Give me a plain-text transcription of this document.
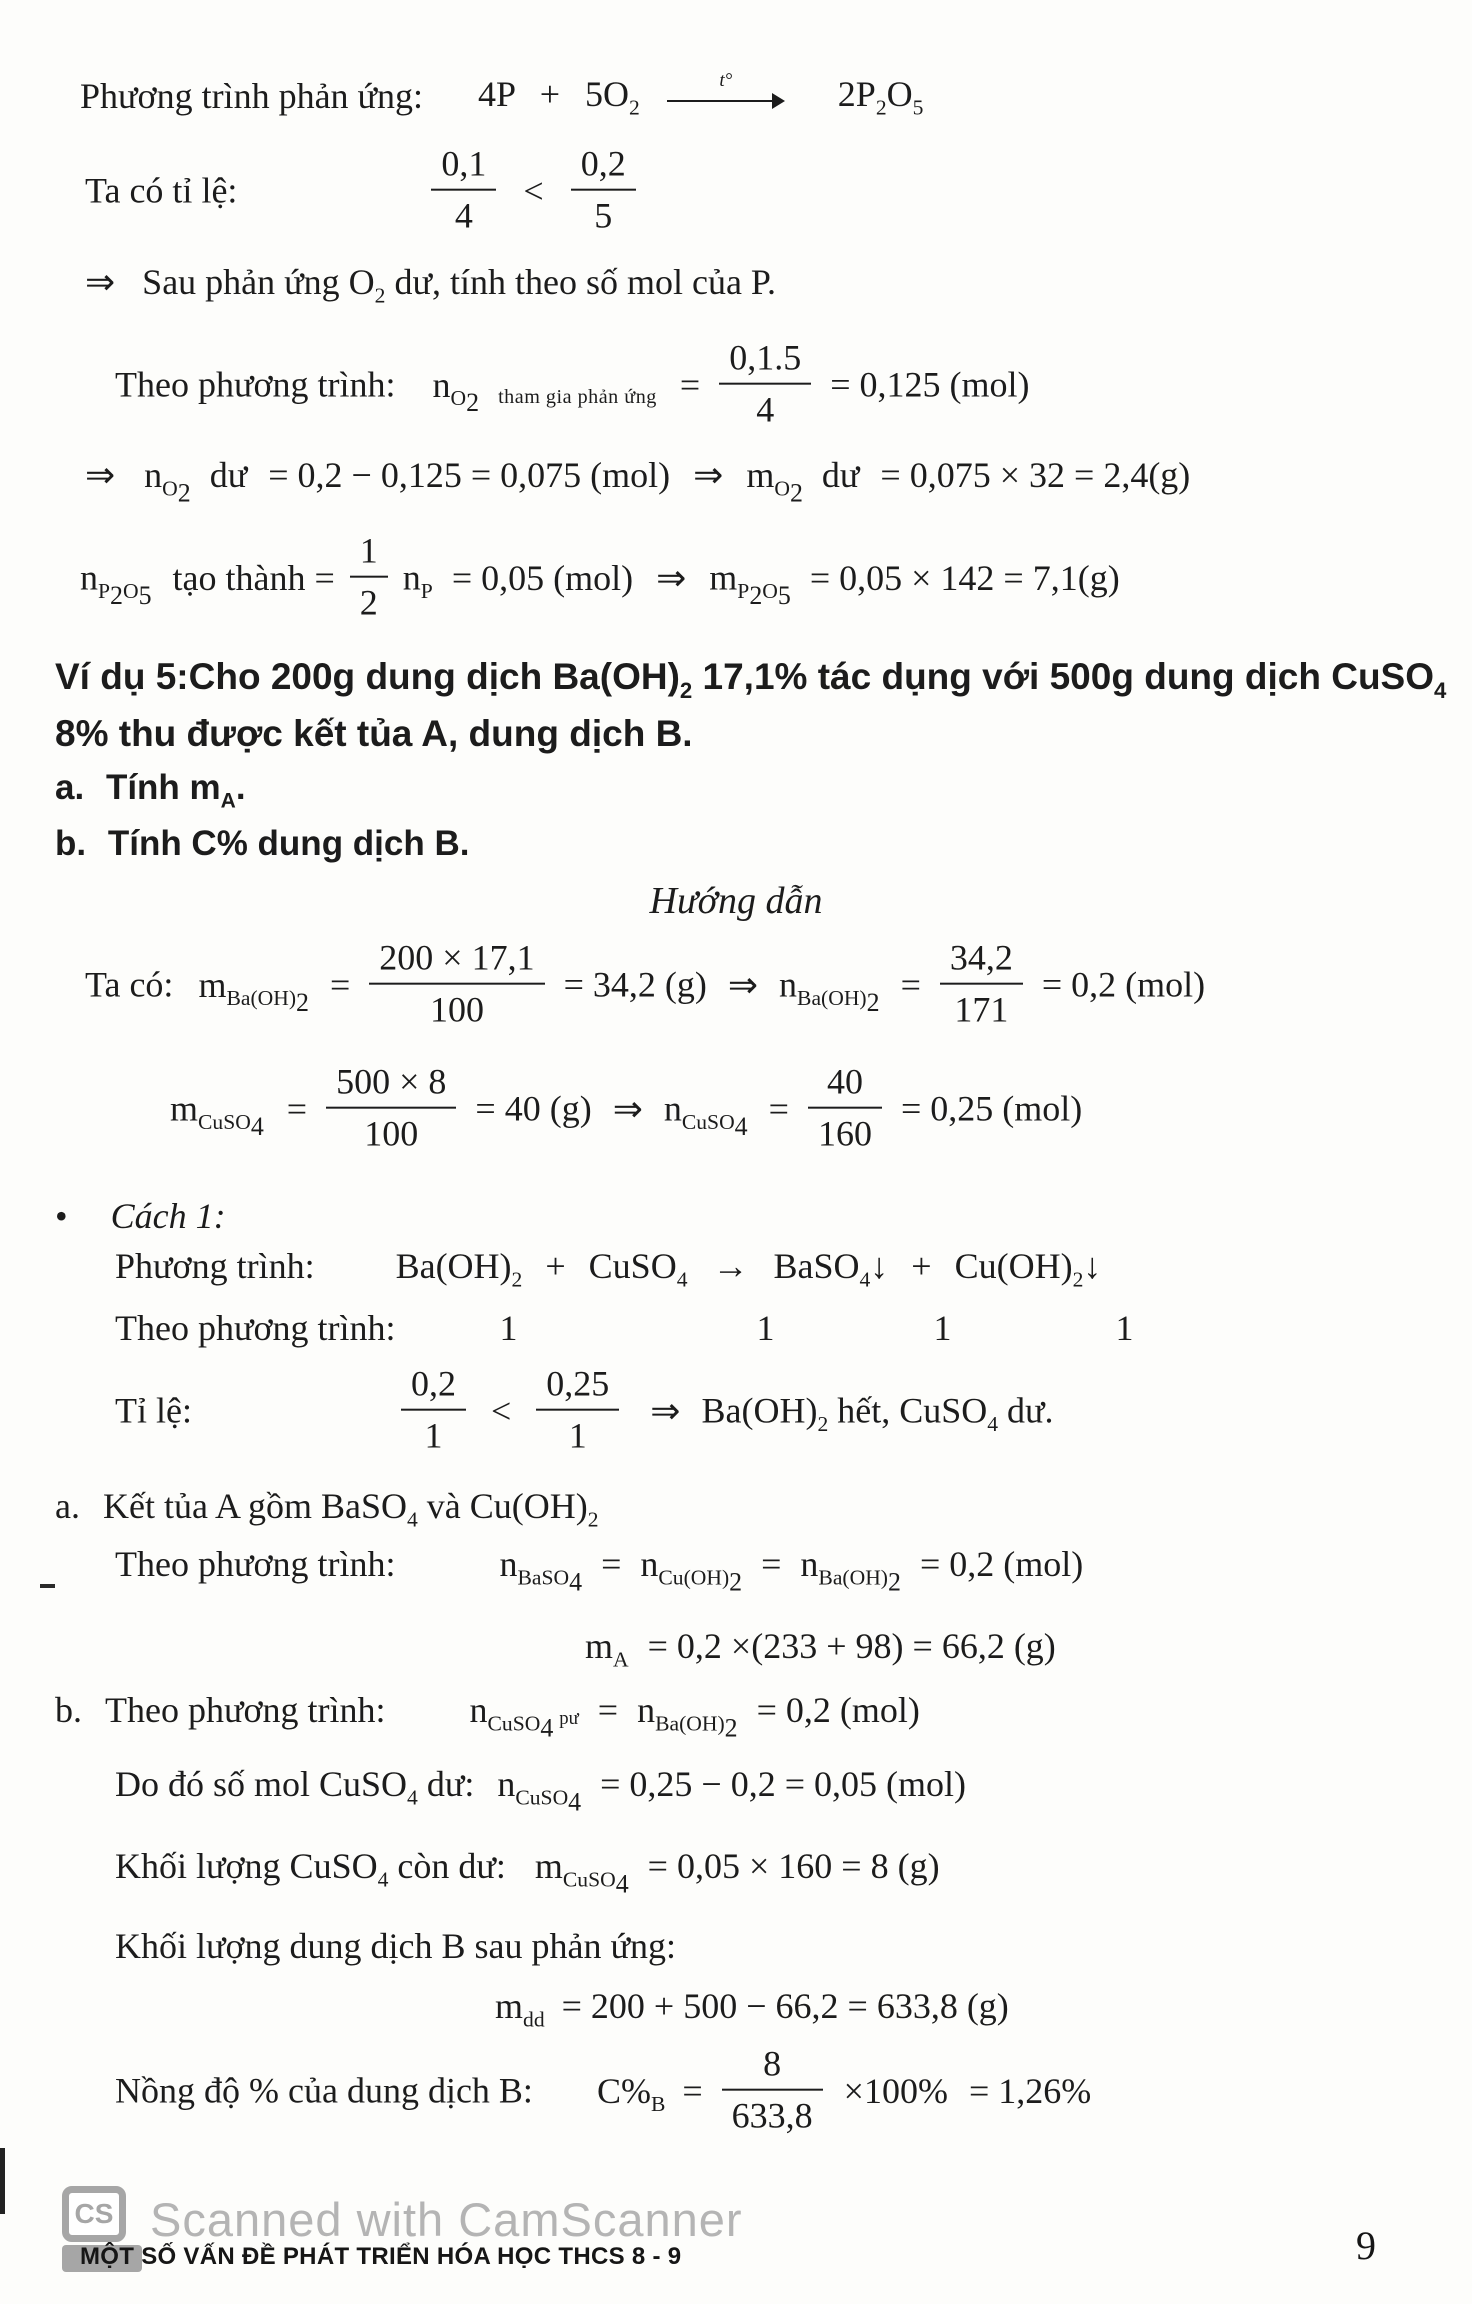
Phương trình phản ứng: $4P + 5O_2$
t°	$2P_2O_5$
Ta có tỉ lệ:	$\frac{0,1}{4} < \frac{0,2}{5}$
⇒ Sau phản ứng $O_2$ dư, tính theo số mol của P.
Theo phương trình: $n_{O2}$ tham gia phản ứng = $\frac{0,1.5}{4} = 0,125$ (mol)
⇒ $n_{O2}$ dư = 0,2 − 0,125 = 0,075 (mol) ⇒ $m_{O2}$ dư = 0,075 × 32 = 2,4(g)
$n_{P2O5}$ tạo thành = $\frac{1}{2} n_P = 0,05$ (mol) ⇒ $m_{P2O5} = 0,05 \times 142 = 7,1(g)$
Ví dụ 5:Cho 200g dung dịch $Ba(OH)_2$ 17,1% tác dụng với 500g dung dịch CuSO$_4$ 8% thu được kết tủa A, dung dịch B.
a. Tính $m_A$.
b. Tính C% dung dịch B.
Hướng dẫn
Ta có: $m_{Ba(OH)2} = \frac{200 \times 17,1}{100} = 34,2$ (g) ⇒ $n_{Ba(OH)2} = \frac{34,2}{171} = 0,2$ (mol)
$m_{CuSO4} = \frac{500 \times 8}{100} = 40$ (g) ⇒ $n_{CuSO4} = \frac{40}{160} = 0,25$ (mol)
• Cách 1:
Phương trình: $Ba(OH)_2$ + CuSO$_4$ → BaSO$_4$↓ + $Cu(OH)_2↓$
Theo phương trình:	1	1	1	1
Tỉ lệ:	$\frac{0,2}{1} < \frac{0,25}{1}$ ⇒ $Ba(OH)_2$ hết, CuSO$_4$ dư.
a. Kết tủa A gồm BaSO$_4$ và $Cu(OH)_2$
Theo phương trình:	$n_{BaSO4} = n_{Cu(OH)2} = n_{Ba(OH)2} = 0,2$ (mol)
$m_A = 0,2 \times(233 + 98) = 66,2$ (g)
b. Theo phương trình: $n_{CuSO4}$ pư = $n_{Ba(OH)2} = 0,2$ (mol)
Do đó số mol CuSO$_4$ dư: $n_{CuSO4} = 0,25 - 0,2 = 0,05$ (mol)
Khối lượng CuSO$_4$ còn dư: $m_{CuSO4} = 0,05 \times 160 = 8$ (g)
Khối lượng dung dịch B sau phản ứng:
$m_{dd} = 200 + 500 - 66,2 = 633,8$ (g)
Nồng độ % của dung dịch B: $C\%_B = \frac{8}{633,8} \times 100\% = 1,26\%$
CS Scanned with CamScanner
MỘT SỐ VẤN ĐỀ PHÁT TRIỂN HÓA HỌC THCS 8 - 9	9
